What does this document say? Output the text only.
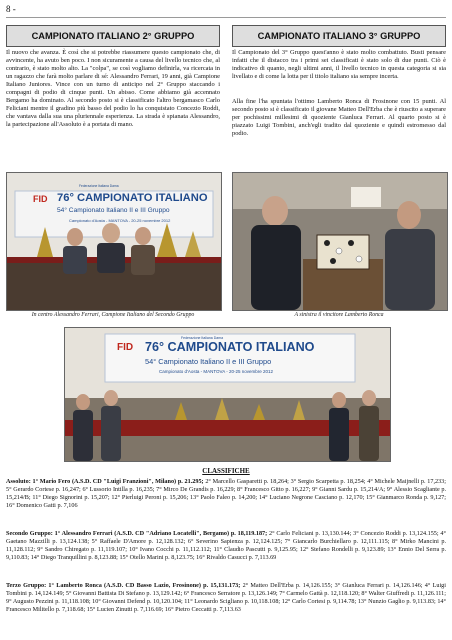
8 -
CAMPIONATO ITALIANO 2° GRUPPO
Il nuovo che avanza. È così che si potrebbe riassumere questo campionato che, di avvincente, ha avuto ben poco. I non sicuramente a causa del livello tecnico che, al contrario, è stato molto alto. La "colpa", se così vogliamo definirla, va ricercata in un ragazzo che farà molto parlare di sé: Alessandro Ferrari, 19 anni, già Campione Italiano Juniores. Vince con un turno di anticipo nel 2° Gruppo staccando i compagni di podio di cinque punti. Un abisso. Come abbiamo già accennato Bergamo ha dominato. Al secondo posto si è classificato l'altro bergamasco Carlo Feliciani mentre il gradino più basso del podio lo ha conquistato Concezio Roddi, che vantava dalla sua una pluriennale esperienza. La strada è spianata Alessandro, la partecipazione all'Assoluto è a portata di mano.
CAMPIONATO ITALIANO 3° GRUPPO
Il Campionato del 3° Gruppo quest'anno è stato molto combattuto. Busti pensare infatti che il distacco tra i primi sei classificati è stato solo di due punti. Ciò è indicativo di quanto, negli ultimi anni, il livello tecnico in questa categoria si sia livellato e di come la lotta per il titolo italiano sia sempre incerta.
Alla fine l'ha spuntata l'ottimo Lamberto Ronca di Frosinone con 15 punti. Al secondo posto si è classificato il giovane Matteo Dell'Erba che è riuscito a superare per pochissimi millesimi di quoziente Gianluca Ferrari. Al quarto posto si è piazzato Luigi Tombini, anch'egli tradito dal quoziente e quindi estromesso dal podio.
Federazione Italiana Dama
FID 76° CAMPIONATO ITALIANO
54° Campionato Italiano II e III Gruppo
Campionato d'Aosta - MANTOVA - 20-25 novembre 2012
In centro Alessandro Ferrari, Campione Italiano del Secondo Gruppo	A sinistra il vincitore Lamberto Ronca
Federazione Italiana Dama
FID 76° CAMPIONATO ITALIANO
54° Campionato Italiano II e III Gruppo
Campionato d'Aosta - MANTOVA - 20-25 novembre 2012
CLASSIFICHE
Assoluto: 1° Mario Fero (A.S.D. CD "Luigi Franzioni", Milano) p. 21.295; 2° Marcello Gasparetti p. 18,264; 3° Sergio Scarpetta p. 18,254; 4° Michele Maijnelli p. 17,233; 5° Gerardo Cortese p. 16,247; 6° Lussorio Intilla p. 16,235; 7° Mirco De Grandis p. 16,229; 8° Francesco Gitto p. 16,227; 9° Gianni Sardu p. 15,214/A; 9° Alessio Scagliante p. 15,214/B; 11° Diego Signorini p. 15,207; 12° Pierluigi Peroni p. 15,206; 13° Paolo Faleo p. 14,200; 14° Luciano Negrone Casciano p. 12,170; 15° Gianmarco Ronda p. 9,127; 16° Domenico Gatti p. 7,106
Secondo Gruppo: 1° Alessandro Ferrari (A.S.D. CD "Adriano Locatelli", Bergamo) p. 18,119.187; 2° Carlo Feliciani p. 13,130.144; 3° Concezio Roddi p. 13,124.155; 4° Gaetano Mazzilli p. 13,124.138; 5° Raffaele D'Amore p. 12,128.132; 6° Severino Sapienza p. 12,124.125; 7° Giancarlo Burchiellaro p. 12,111.115; 8° Mirko Mancini p. 11,128.112; 9° Sandro Chiregato p. 11,119.107; 10° Ivano Cocchi p. 11,112.112; 11° Claudio Pascutti p. 9,125.95; 12° Stefano Rondelli p. 9,123.89; 13° Ennio Del Serra p. 9,110.83; 14° Diego Tranquillini p. 8,123.88; 15° Otello Marini p. 8,123.75; 16° Rivaldo Casucci p. 7,113.69
Terzo Gruppo: 1° Lamberto Ronca (A.S.D. CD Basso Lazio, Frosinone) p. 15,131.173; 2° Matteo Dell'Erba p. 14,126.155; 3° Gianluca Ferrari p. 14,126.146; 4° Luigi Tombini p. 14,124.149; 5° Giovanni Battista Di Stefano p. 13,129.142; 6° Francesco Serratore p. 13,126.149; 7° Carmelo Gattà p. 12,118.120; 8° Walter Giuffredi p. 11,126.111; 9° Augusto Pezzini p. 11,118.108; 10° Giovanni Defend p. 10,120.104; 11° Leonardo Scigliano p. 10,118.108; 12° Carlo Cortesi p. 9,114.78; 13° Nunzio Gaglio p. 9,113.83; 14° Francesco Militello p. 7,118.68; 15° Lucien Zinutti p. 7,116.69; 16° Pietro Ceccatti p. 7,113.63
